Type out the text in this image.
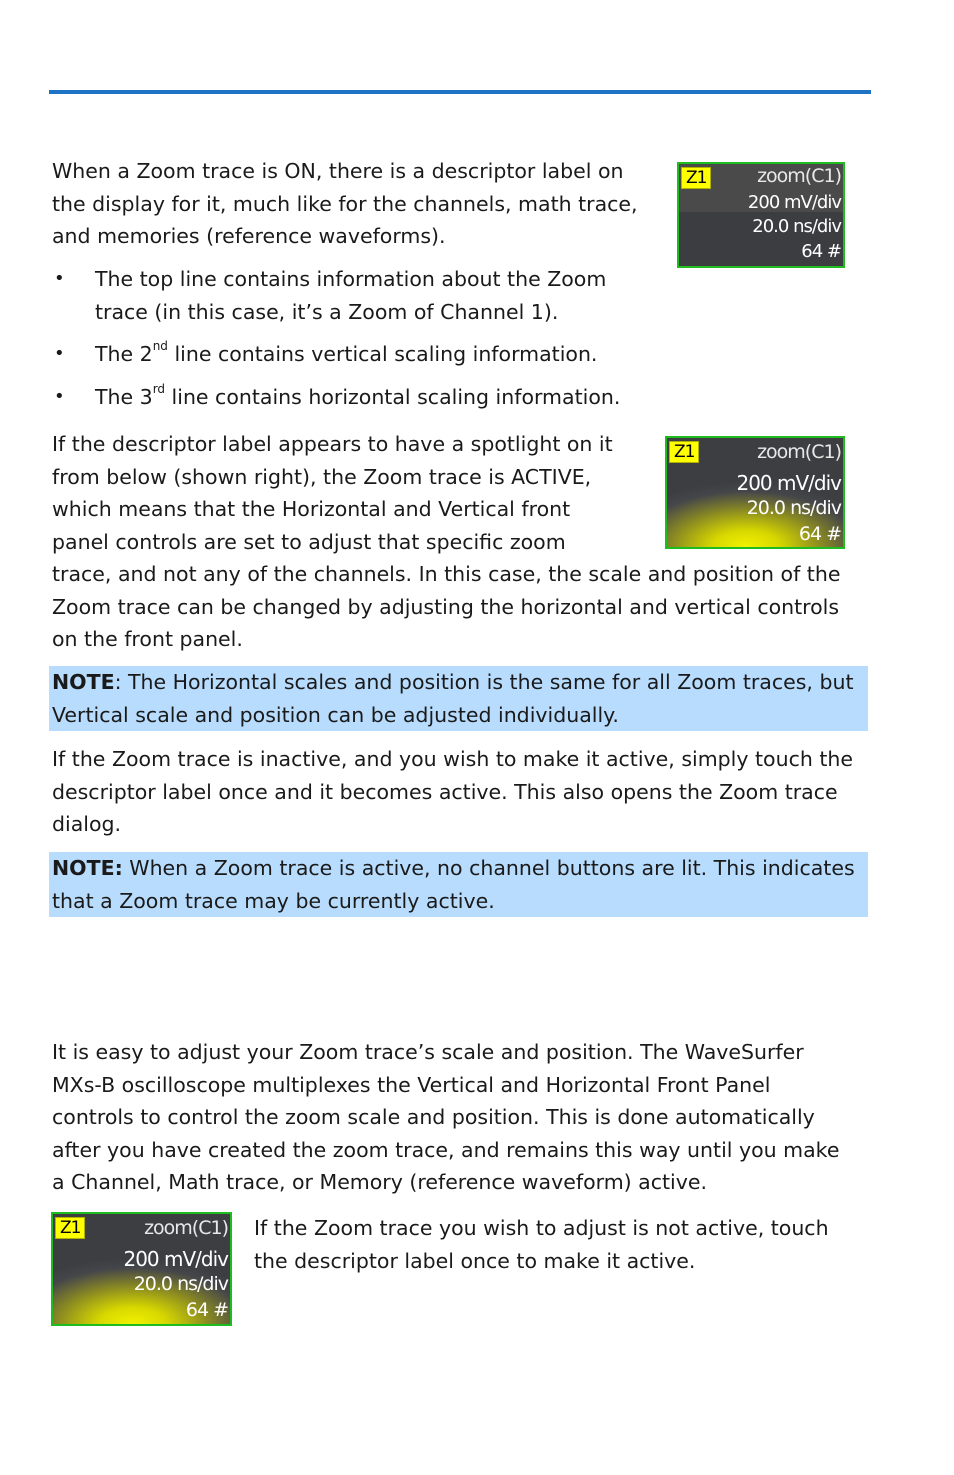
When a Zoom trace is ON, there is a descriptor label on the display for it, much like for the channels, math trace, and memories (reference waveforms).

Z1	zoom(C1)
200 mV/div
20.0 ns/div
64 #
• The top line contains information about the Zoom trace (in this case, it’s a Zoom of Channel 1).
• The 2nd line contains vertical scaling information.
• The 3rd line contains horizontal scaling information.
If the descriptor label appears to have a spotlight on it
from below (shown right), the Zoom trace is ACTIVE,
which means that the Horizontal and Vertical front
panel controls are set to adjust that specific zoom
trace, and not any of the channels. In this case, the scale and position of the Zoom trace can be changed by adjusting the horizontal and vertical controls on the front panel.
Z1	zoom(C1)
200 mV/div
20.0 ns/div
64 #
NOTE: The Horizontal scales and position is the same for all Zoom traces, but Vertical scale and position can be adjusted individually.

If the Zoom trace is inactive, and you wish to make it active, simply touch the descriptor label once and it becomes active. This also opens the Zoom trace dialog.

NOTE: When a Zoom trace is active, no channel buttons are lit. This indicates that a Zoom trace may be currently active.

It is easy to adjust your Zoom trace’s scale and position. The WaveSurfer MXs-B oscilloscope multiplexes the Vertical and Horizontal Front Panel controls to control the zoom scale and position. This is done automatically after you have created the zoom trace, and remains this way until you make a Channel, Math trace, or Memory (reference waveform) active.

Z1	zoom(C1)
200 mV/div
20.0 ns/div
64 #

If the Zoom trace you wish to adjust is not active, touch the descriptor label once to make it active.
